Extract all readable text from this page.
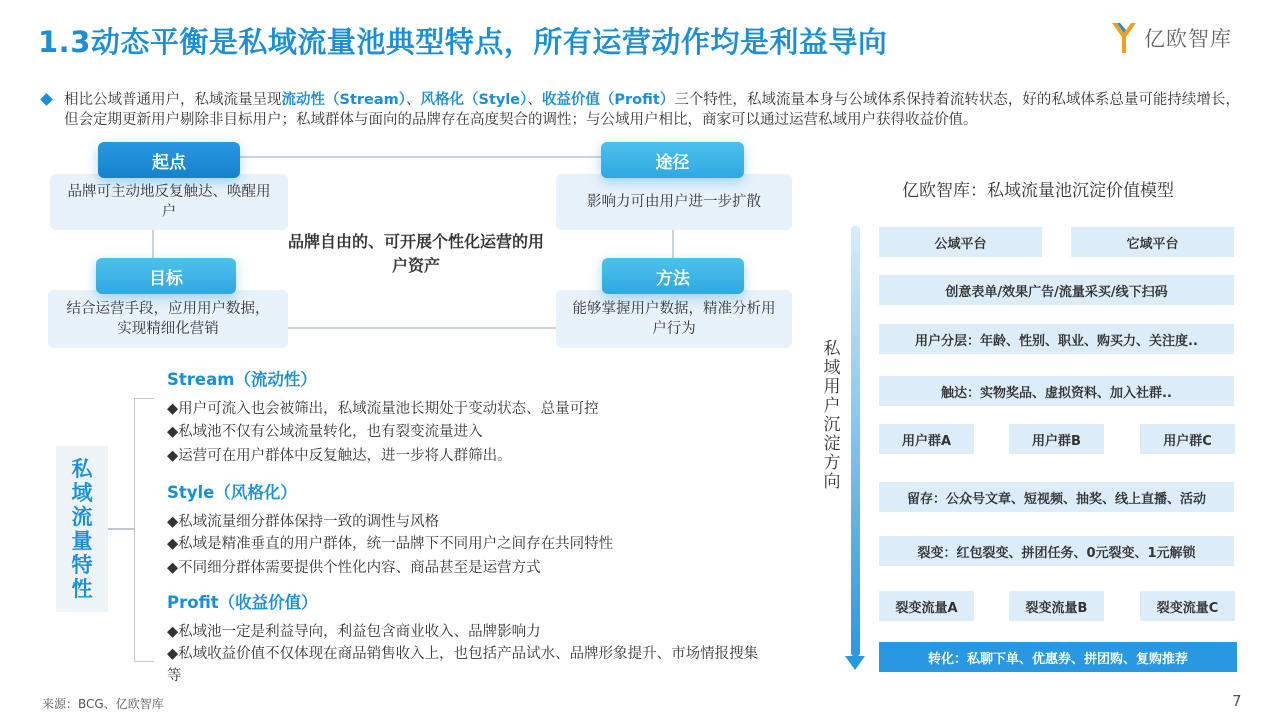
1.3动态平衡是私域流量池典型特点，所有运营动作均是利益导向	亿欧智库
相比公域普通用户，私域流量呈现流动性（Stream）、风格化（Style）、收益价值（Profit）三个特性，私域流量本身与公域体系保持着流转状态，好的私域体系总量可能持续增长，但会定期更新用户剔除非目标用户；私域群体与面向的品牌存在高度契合的调性；与公域用户相比，商家可以通过运营私域用户获得收益价值。
品牌可主动地反复触达、唤醒用户
起点
影响力可由用户进一步扩散
途径
结合运营手段，应用用户数据，实现精细化营销
目标
能够掌握用户数据，精准分析用户行为
方法
品牌自由的、可开展个性化运营的用户资产
私
域
流
量
特
性
Stream（流动性）
◆用户可流入也会被筛出，私域流量池长期处于变动状态、总量可控
◆私域池不仅有公域流量转化，也有裂变流量进入
◆运营可在用户群体中反复触达，进一步将人群筛出。
Style（风格化）
◆私域流量细分群体保持一致的调性与风格
◆私域是精准垂直的用户群体，统一品牌下不同用户之间存在共同特性
◆不同细分群体需要提供个性化内容、商品甚至是运营方式
Profit（收益价值）
◆私域池一定是利益导向，利益包含商业收入、品牌影响力
◆私域收益价值不仅体现在商品销售收入上，也包括产品试水、品牌形象提升、市场情报搜集等
亿欧智库：私域流量池沉淀价值模型
私
域
用
户
沉
淀
方
向
公域平台	它域平台
创意表单/效果广告/流量采买/线下扫码
用户分层：年龄、性别、职业、购买力、关注度..
触达：实物奖品、虚拟资料、加入社群..
用户群A	用户群B	用户群C
留存：公众号文章、短视频、抽奖、线上直播、活动
裂变：红包裂变、拼团任务、0元裂变、1元解锁
裂变流量A	裂变流量B	裂变流量C
转化：私聊下单、优惠券、拼团购、复购推荐
来源：BCG、亿欧智库	7
